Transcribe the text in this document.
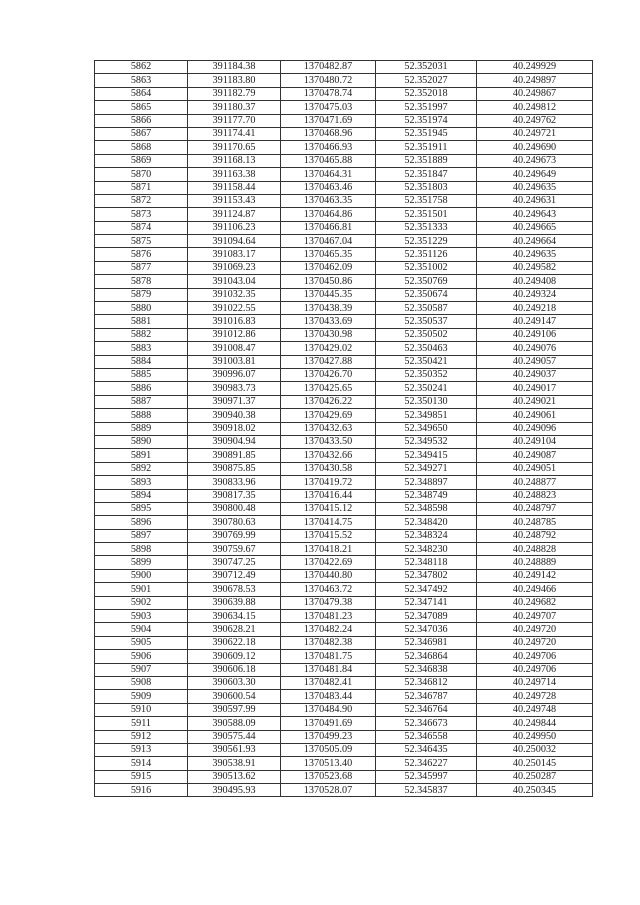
5862	391184.38	1370482.87	52.352031	40.249929
5863	391183.80	1370480.72	52.352027	40.249897
5864	391182.79	1370478.74	52.352018	40.249867
5865	391180.37	1370475.03	52.351997	40.249812
5866	391177.70	1370471.69	52.351974	40.249762
5867	391174.41	1370468.96	52.351945	40.249721
5868	391170.65	1370466.93	52.351911	40.249690
5869	391168.13	1370465.88	52.351889	40.249673
5870	391163.38	1370464.31	52.351847	40.249649
5871	391158.44	1370463.46	52.351803	40.249635
5872	391153.43	1370463.35	52.351758	40.249631
5873	391124.87	1370464.86	52.351501	40.249643
5874	391106.23	1370466.81	52.351333	40.249665
5875	391094.64	1370467.04	52.351229	40.249664
5876	391083.17	1370465.35	52.351126	40.249635
5877	391069.23	1370462.09	52.351002	40.249582
5878	391043.04	1370450.86	52.350769	40.249408
5879	391032.35	1370445.35	52.350674	40.249324
5880	391022.55	1370438.39	52.350587	40.249218
5881	391016.83	1370433.69	52.350537	40.249147
5882	391012.86	1370430.98	52.350502	40.249106
5883	391008.47	1370429.02	52.350463	40.249076
5884	391003.81	1370427.88	52.350421	40.249057
5885	390996.07	1370426.70	52.350352	40.249037
5886	390983.73	1370425.65	52.350241	40.249017
5887	390971.37	1370426.22	52.350130	40.249021
5888	390940.38	1370429.69	52.349851	40.249061
5889	390918.02	1370432.63	52.349650	40.249096
5890	390904.94	1370433.50	52.349532	40.249104
5891	390891.85	1370432.66	52.349415	40.249087
5892	390875.85	1370430.58	52.349271	40.249051
5893	390833.96	1370419.72	52.348897	40.248877
5894	390817.35	1370416.44	52.348749	40.248823
5895	390800.48	1370415.12	52.348598	40.248797
5896	390780.63	1370414.75	52.348420	40.248785
5897	390769.99	1370415.52	52.348324	40.248792
5898	390759.67	1370418.21	52.348230	40.248828
5899	390747.25	1370422.69	52.348118	40.248889
5900	390712.49	1370440.80	52.347802	40.249142
5901	390678.53	1370463.72	52.347492	40.249466
5902	390639.88	1370479.38	52.347141	40.249682
5903	390634.15	1370481.23	52.347089	40.249707
5904	390628.21	1370482.24	52.347036	40.249720
5905	390622.18	1370482.38	52.346981	40.249720
5906	390609.12	1370481.75	52.346864	40.249706
5907	390606.18	1370481.84	52.346838	40.249706
5908	390603.30	1370482.41	52.346812	40.249714
5909	390600.54	1370483.44	52.346787	40.249728
5910	390597.99	1370484.90	52.346764	40.249748
5911	390588.09	1370491.69	52.346673	40.249844
5912	390575.44	1370499.23	52.346558	40.249950
5913	390561.93	1370505.09	52.346435	40.250032
5914	390538.91	1370513.40	52.346227	40.250145
5915	390513.62	1370523.68	52.345997	40.250287
5916	390495.93	1370528.07	52.345837	40.250345
